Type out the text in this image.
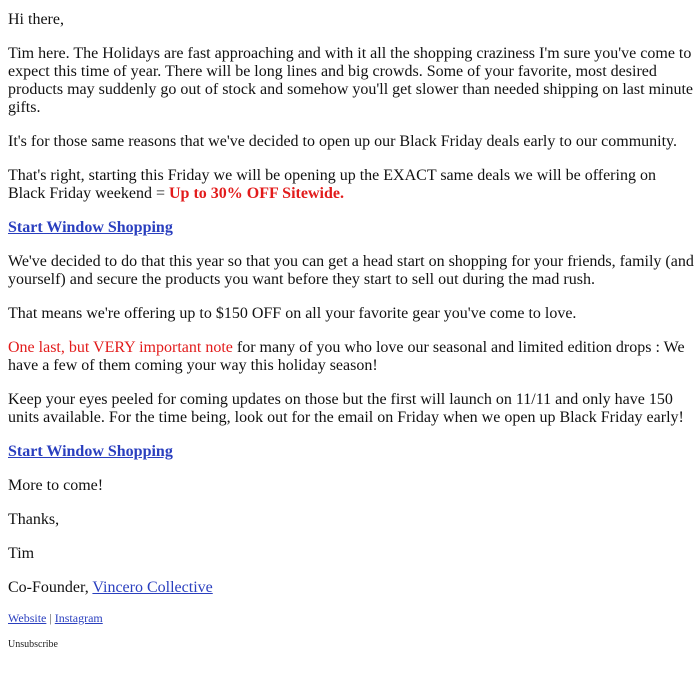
Hi there,

Tim here. The Holidays are fast approaching and with it all the shopping craziness I'm sure you've come to expect this time of year. There will be long lines and big crowds. Some of your favorite, most desired products may suddenly go out of stock and somehow you'll get slower than needed shipping on last minute gifts.

It's for those same reasons that we've decided to open up our Black Friday deals early to our community.

That's right, starting this Friday we will be opening up the EXACT same deals we will be offering on Black Friday weekend = Up to 30% OFF Sitewide.

Start Window Shopping

We've decided to do that this year so that you can get a head start on shopping for your friends, family (and yourself) and secure the products you want before they start to sell out during the mad rush.

That means we're offering up to $150 OFF on all your favorite gear you've come to love.

One last, but VERY important note for many of you who love our seasonal and limited edition drops : We have a few of them coming your way this holiday season!

Keep your eyes peeled for coming updates on those but the first will launch on 11/11 and only have 150 units available. For the time being, look out for the email on Friday when we open up Black Friday early!

Start Window Shopping

More to come!

Thanks,

Tim

Co-Founder, Vincero Collective

Website | Instagram

Unsubscribe
